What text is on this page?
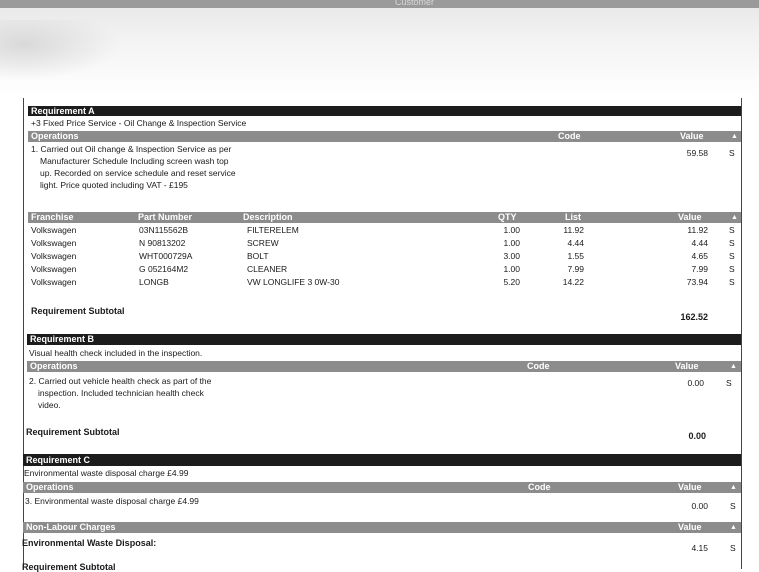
Customer
Requirement A
+3 Fixed Price Service - Oil Change & Inspection Service
Operations	Code	Value	▲
1. Carried out Oil change & Inspection Service as per
Manufacturer Schedule Including screen wash top
up. Recorded on service schedule and reset service
light. Price quoted including VAT - £195
59.58 S
Franchise	Part Number	Description	QTY	List	Value	▲
Volkswagen	03N115562B	FILTERELEM	1.00	11.92	11.92 S
Volkswagen	N 90813202	SCREW	1.00	4.44	4.44 S
Volkswagen	WHT000729A	BOLT	3.00	1.55	4.65 S
Volkswagen	G 052164M2	CLEANER	1.00	7.99	7.99 S
Volkswagen	LONGB	VW LONGLIFE 3 0W-30	5.20	14.22	73.94 S
Requirement Subtotal
162.52
Requirement B
Visual health check included in the inspection.
Operations	Code	Value	▲
2. Carried out vehicle health check as part of the
inspection. Included technician health check
video.
0.00	S
Requirement Subtotal	0.00
Requirement C
Environmental waste disposal charge £4.99
Operations	Code	Value	▲
3. Environmental waste disposal charge £4.99	0.00	S
Non-Labour Charges	Value	▲
Environmental Waste Disposal:	4.15	S
Requirement Subtotal
